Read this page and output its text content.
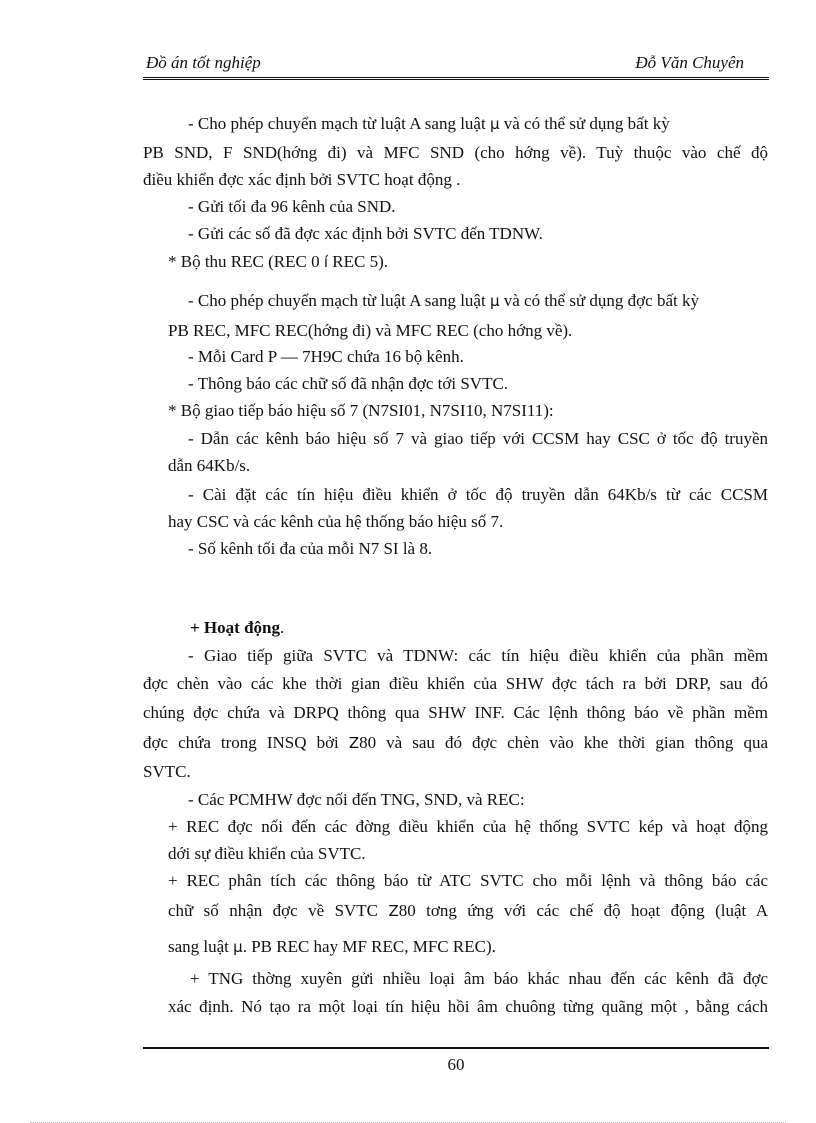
Đồ án tốt nghiệp	Đỗ Văn Chuyên
- Cho phép chuyển mạch từ luật A sang luật μ và có thể sử dụng bất kỳ
PB SND, F SND(hớng đi) và MFC SND (cho hớng về). Tuỳ thuộc vào chế độ
điều khiển đợc xác định bởi SVTC hoạt động .
- Gửi tối đa 96 kênh của SND.
- Gửi các số đã đợc xác định bởi SVTC đến TDNW.
* Bộ thu REC (REC 0 í REC 5).
- Cho phép chuyển mạch từ luật A sang luật μ và có thể sử dụng đợc bất kỳ
PB REC, MFC REC(hớng đi) và MFC REC (cho hớng về).
- Mỗi Card P — 7H9C chứa 16 bộ kênh.
- Thông báo các chữ số đã nhận đợc tới SVTC.
* Bộ giao tiếp báo hiệu số 7 (N7SI01, N7SI10, N7SI11):
- Dẫn các kênh báo hiệu số 7 và giao tiếp với CCSM hay CSC ở tốc độ truyền
dẫn 64Kb/s.
- Cài đặt các tín hiệu điều khiển ở tốc độ truyền dẫn 64Kb/s từ các CCSM
hay CSC và các kênh của hệ thống báo hiệu số 7.
- Số kênh tối đa của mỗi N7 SI là 8.
+ Hoạt động.
- Giao tiếp giữa SVTC và TDNW: các tín hiệu điều khiển của phần mềm
đợc chèn vào các khe thời gian điều khiển của SHW đợc tách ra bởi DRP, sau đó
chúng đợc chứa và DRPQ thông qua SHW INF. Các lệnh thông báo về phần mềm
đợc chứa trong INSQ bởi Z80 và sau đó đợc chèn vào khe thời gian thông qua
SVTC.
- Các PCMHW đợc nối đến TNG, SND, và REC:
+ REC đợc nối đến các đờng điều khiển của hệ thống SVTC kép và hoạt động
dới sự điều khiển của SVTC.
+ REC phân tích các thông báo từ ATC SVTC cho mỗi lệnh và thông báo các
chữ số nhận đợc về SVTC Z80 tơng ứng với các chế độ hoạt động (luật A
sang luật μ. PB REC hay MF REC, MFC REC).
+ TNG thờng xuyên gửi nhiều loại âm báo khác nhau đến các kênh đã đợc
xác định. Nó tạo ra một loại tín hiệu hồi âm chuông từng quãng một , bằng cách
60
